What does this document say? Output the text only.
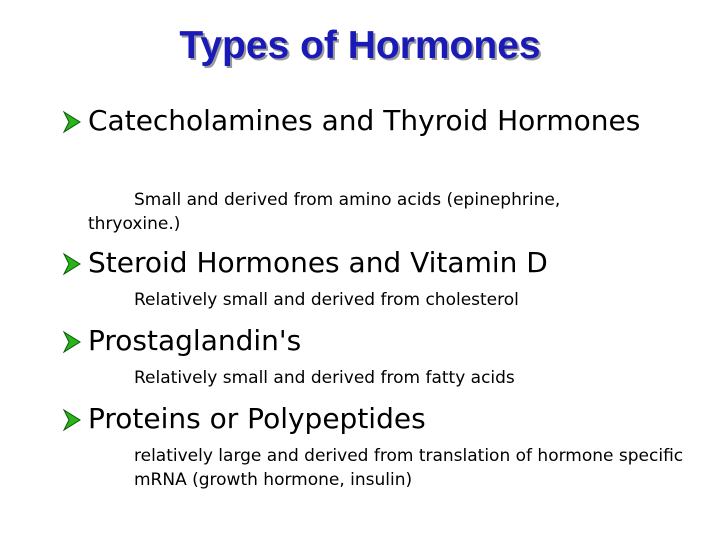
Types of Hormones
Catecholamines and Thyroid Hormones
Small and derived from amino acids (epinephrine, thryoxine.)
Steroid Hormones and Vitamin D
Relatively small and derived from cholesterol
Prostaglandin's
Relatively small and derived from fatty acids
Proteins or Polypeptides
relatively large and derived from translation of hormone specific mRNA (growth hormone, insulin)
